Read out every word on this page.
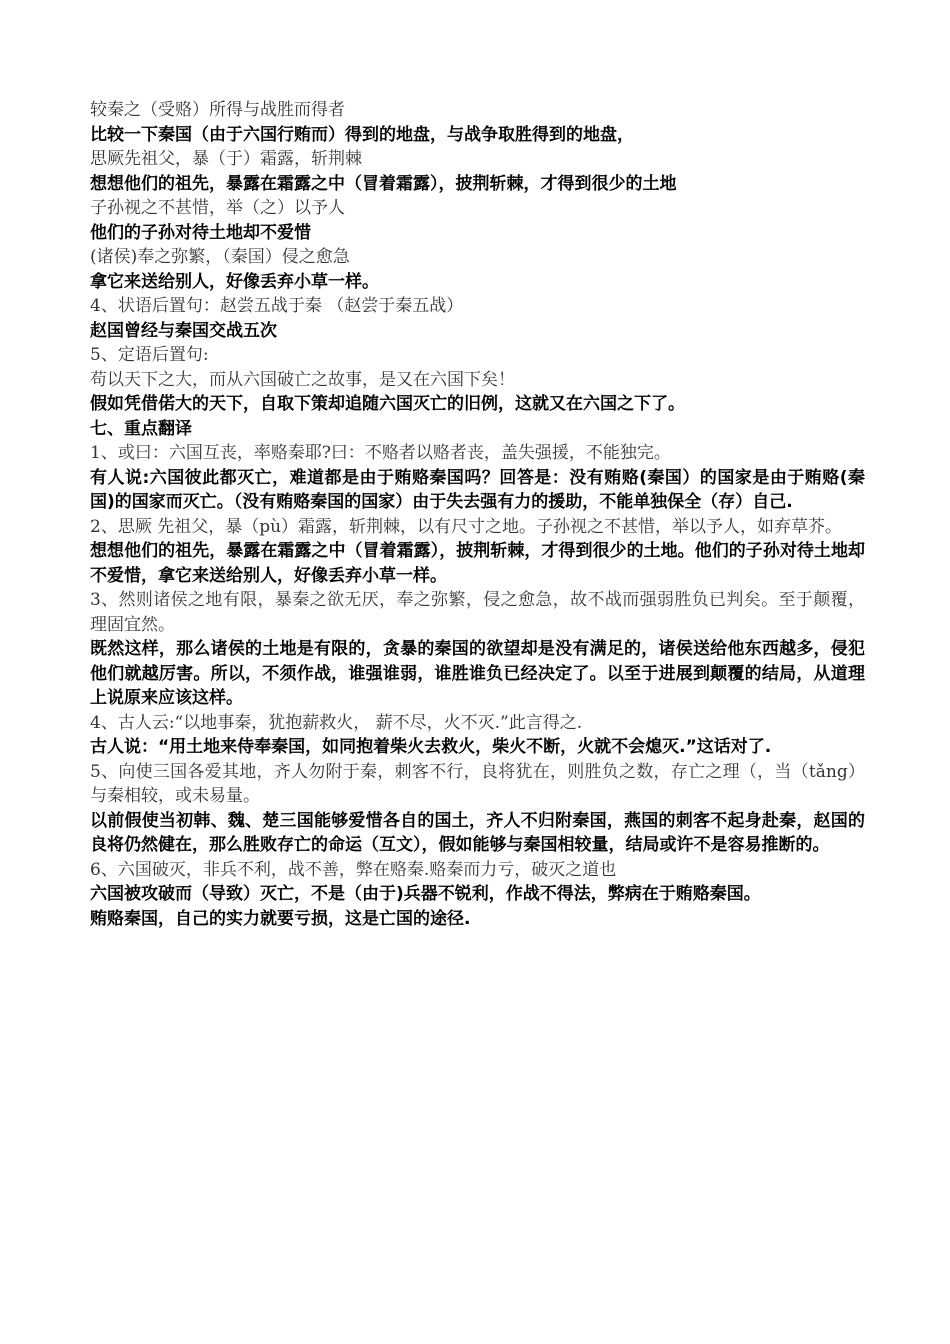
较秦之（受赂）所得与战胜而得者
比较一下秦国（由于六国行贿而）得到的地盘，与战争取胜得到的地盘，
思厥先祖父，暴（于）霜露，斩荆棘
想想他们的祖先，暴露在霜露之中（冒着霜露），披荆斩棘，才得到很少的土地
子孙视之不甚惜，举（之）以予人
他们的子孙对待土地却不爱惜
(诸侯)奉之弥繁，（秦国）侵之愈急
拿它来送给别人，好像丢弃小草一样。
4、状语后置句：赵尝五战于秦 （赵尝于秦五战）
赵国曾经与秦国交战五次
5、定语后置句:
苟以天下之大，而从六国破亡之故事，是又在六国下矣！
假如凭借偌大的天下，自取下策却追随六国灭亡的旧例，这就又在六国之下了。
七、重点翻译
1、或曰：六国互丧，率赂秦耶?曰：不赂者以赂者丧，盖失强援，不能独完。
有人说:六国彼此都灭亡，难道都是由于贿赂秦国吗？回答是：没有贿赂(秦国）的国家是由于贿赂(秦国)的国家而灭亡。（没有贿赂秦国的国家）由于失去强有力的援助，不能单独保全（存）自己.
2、思厥 先祖父，暴（pù）霜露，斩荆棘，以有尺寸之地。子孙视之不甚惜，举以予人，如弃草芥。
想想他们的祖先，暴露在霜露之中（冒着霜露），披荆斩棘，才得到很少的土地。他们的子孙对待土地却不爱惜，拿它来送给别人，好像丢弃小草一样。
3、然则诸侯之地有限，暴秦之欲无厌，奉之弥繁，侵之愈急，故不战而强弱胜负已判矣。至于颠覆，理固宜然。
既然这样，那么诸侯的土地是有限的，贪暴的秦国的欲望却是没有满足的，诸侯送给他东西越多，侵犯他们就越厉害。所以，不须作战，谁强谁弱，谁胜谁负已经决定了。以至于进展到颠覆的结局，从道理上说原来应该这样。
4、古人云:“以地事秦，犹抱薪救火， 薪不尽，火不灭.”此言得之.
古人说：“用土地来侍奉秦国，如同抱着柴火去救火，柴火不断，火就不会熄灭.”这话对了.
5、向使三国各爱其地，齐人勿附于秦，刺客不行，良将犹在，则胜负之数，存亡之理（，当（tǎng）与秦相较，或未易量。
以前假使当初韩、魏、楚三国能够爱惜各自的国土，齐人不归附秦国，燕国的刺客不起身赴秦，赵国的良将仍然健在，那么胜败存亡的命运（互文），假如能够与秦国相较量，结局或许不是容易推断的。
6、六国破灭，非兵不利，战不善，弊在赂秦.赂秦而力亏，破灭之道也
六国被攻破而（导致）灭亡，不是（由于)兵器不锐利，作战不得法，弊病在于贿赂秦国。
贿赂秦国，自己的实力就要亏损，这是亡国的途径.
